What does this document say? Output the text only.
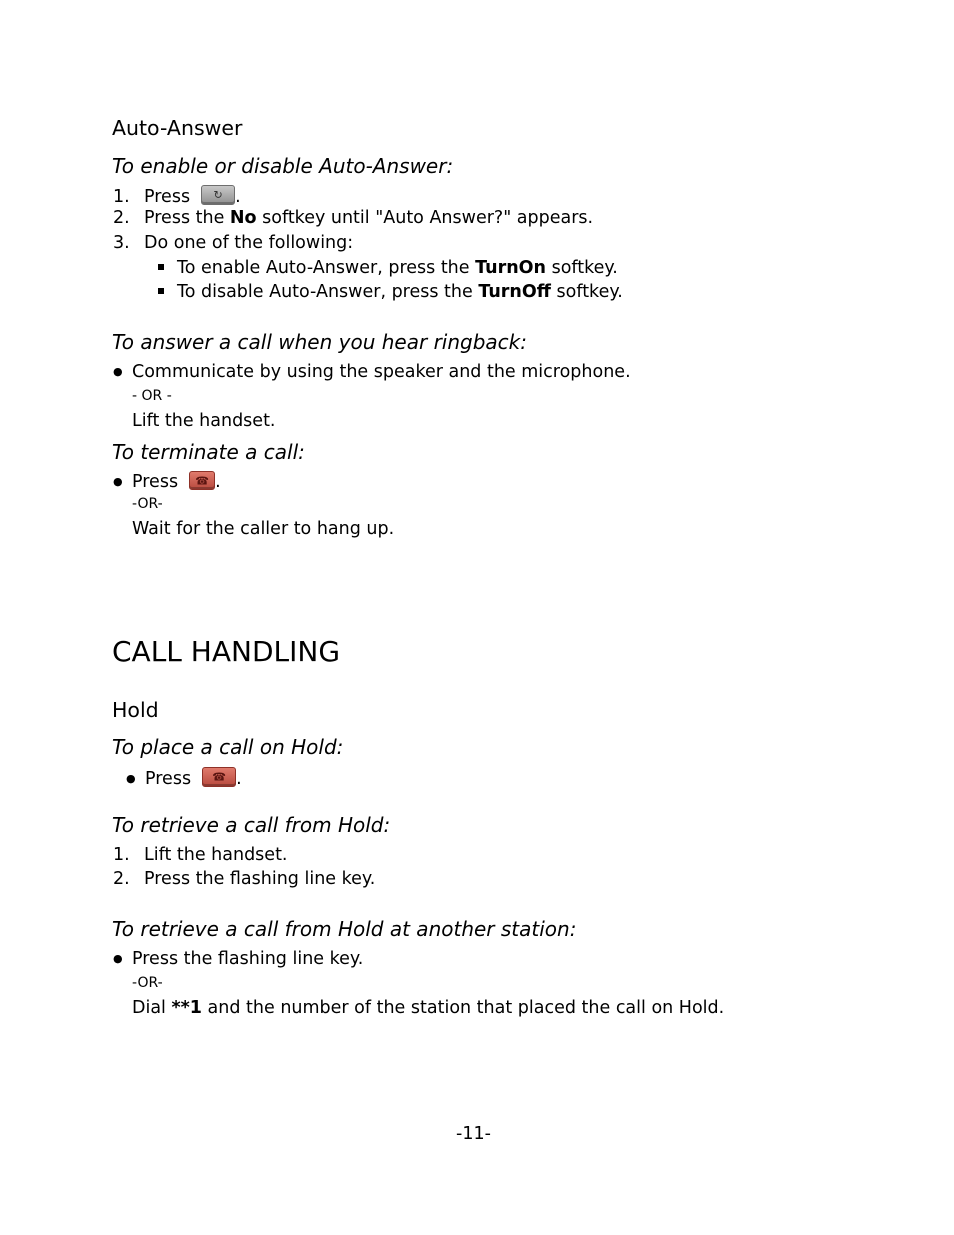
Auto-Answer
To enable or disable Auto-Answer:
1. Press ↻ .
2. Press the No softkey until "Auto Answer?" appears.
3. Do one of the following:
To enable Auto-Answer, press the TurnOn softkey.
To disable Auto-Answer, press the TurnOff softkey.
To answer a call when you hear ringback:
● Communicate by using the speaker and the microphone.
- OR -
Lift the handset.
To terminate a call:
● Press ☎ .
-OR-
Wait for the caller to hang up.
CALL HANDLING
Hold
To place a call on Hold:
● Press ☎ .
To retrieve a call from Hold:
1. Lift the handset.
2. Press the flashing line key.
To retrieve a call from Hold at another station:
● Press the flashing line key.
-OR-
Dial **1 and the number of the station that placed the call on Hold.
-11-
